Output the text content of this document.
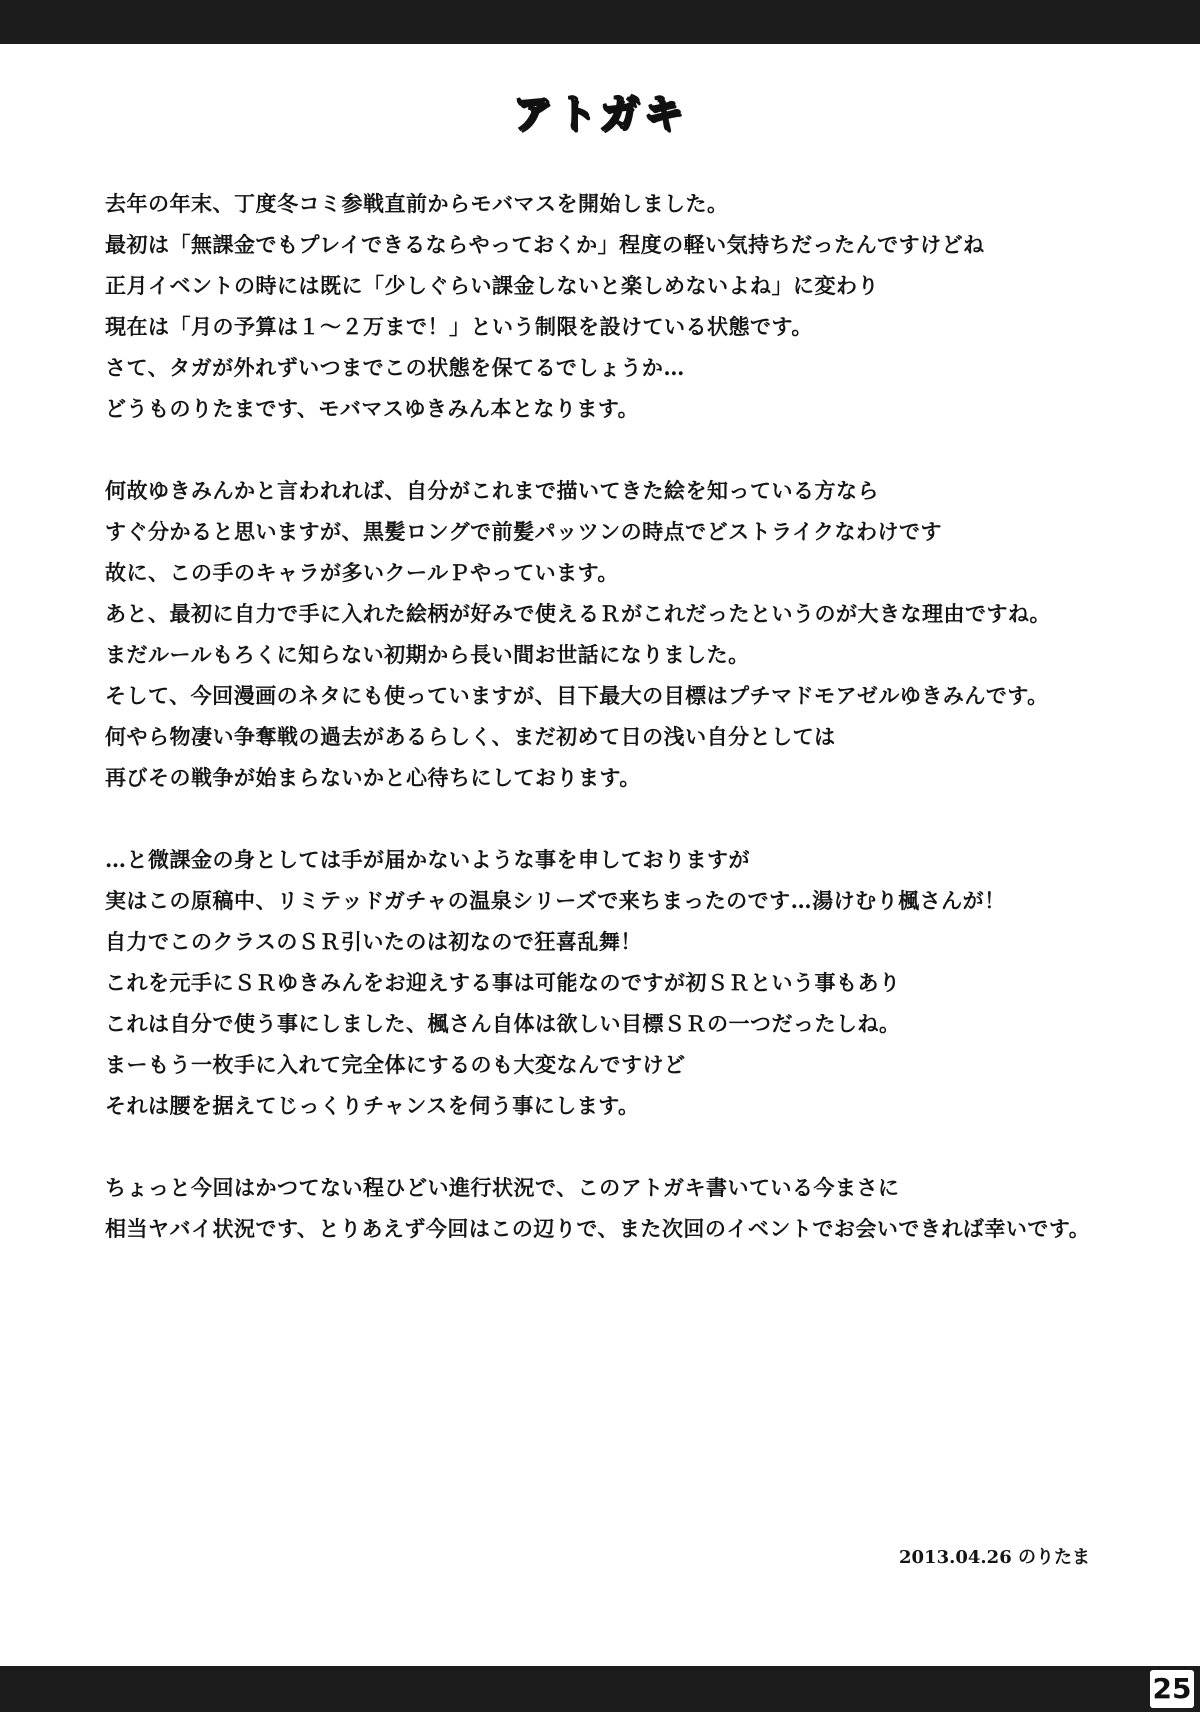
アトガキ
去年の年末、丁度冬コミ参戦直前からモバマスを開始しました。
最初は「無課金でもプレイできるならやっておくか」程度の軽い気持ちだったんですけどね
正月イベントの時には既に「少しぐらい課金しないと楽しめないよね」に変わり
現在は「月の予算は１～２万まで！」という制限を設けている状態です。
さて、タガが外れずいつまでこの状態を保てるでしょうか…
どうものりたまです、モバマスゆきみん本となります。
何故ゆきみんかと言われれば、自分がこれまで描いてきた絵を知っている方なら
すぐ分かると思いますが、黒髪ロングで前髪パッツンの時点でどストライクなわけです
故に、この手のキャラが多いクールＰやっています。
あと、最初に自力で手に入れた絵柄が好みで使えるＲがこれだったというのが大きな理由ですね。
まだルールもろくに知らない初期から長い間お世話になりました。
そして、今回漫画のネタにも使っていますが、目下最大の目標はプチマドモアゼルゆきみんです。
何やら物凄い争奪戦の過去があるらしく、まだ初めて日の浅い自分としては
再びその戦争が始まらないかと心待ちにしております。
…と微課金の身としては手が届かないような事を申しておりますが
実はこの原稿中、リミテッドガチャの温泉シリーズで来ちまったのです…湯けむり楓さんが！
自力でこのクラスのＳＲ引いたのは初なので狂喜乱舞！
これを元手にＳＲゆきみんをお迎えする事は可能なのですが初ＳＲという事もあり
これは自分で使う事にしました、楓さん自体は欲しい目標ＳＲの一つだったしね。
まーもう一枚手に入れて完全体にするのも大変なんですけど
それは腰を据えてじっくりチャンスを伺う事にします。
ちょっと今回はかつてない程ひどい進行状況で、このアトガキ書いている今まさに
相当ヤバイ状況です、とりあえず今回はこの辺りで、また次回のイベントでお会いできれば幸いです。
2013.04.26 のりたま
25
